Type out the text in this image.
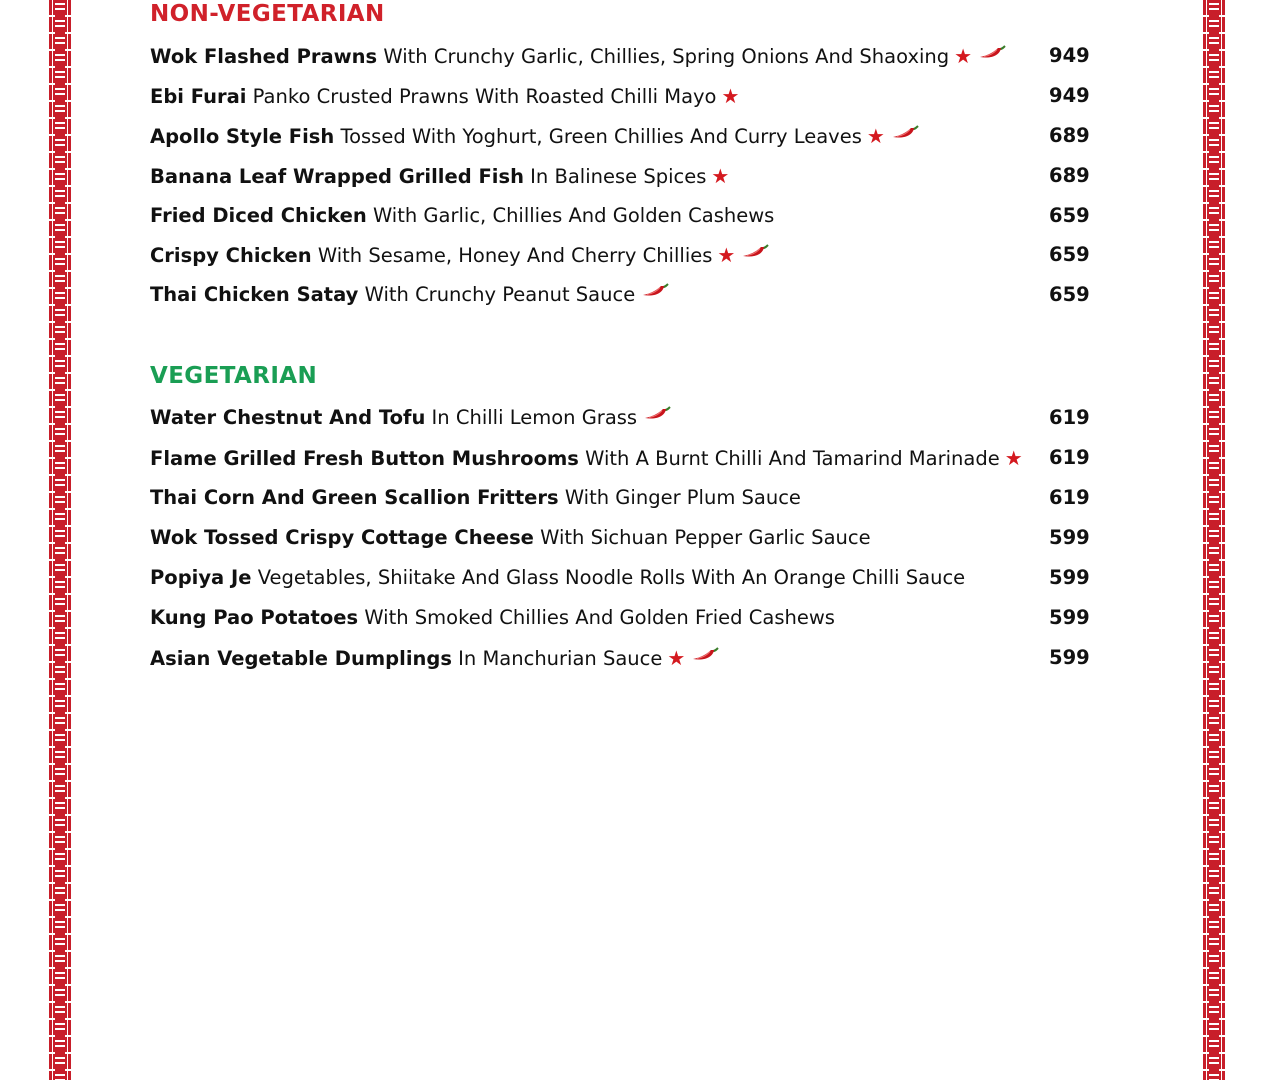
NON-VEGETARIAN
Wok Flashed Prawns With Crunchy Garlic, Chillies, Spring Onions And Shaoxing ★	949
Ebi Furai Panko Crusted Prawns With Roasted Chilli Mayo ★	949
Apollo Style Fish Tossed With Yoghurt, Green Chillies And Curry Leaves ★	689
Banana Leaf Wrapped Grilled Fish In Balinese Spices ★	689
Fried Diced Chicken With Garlic, Chillies And Golden Cashews	659
Crispy Chicken With Sesame, Honey And Cherry Chillies ★	659
Thai Chicken Satay With Crunchy Peanut Sauce	659
VEGETARIAN
Water Chestnut And Tofu In Chilli Lemon Grass	619
Flame Grilled Fresh Button Mushrooms With A Burnt Chilli And Tamarind Marinade ★ 619
Thai Corn And Green Scallion Fritters With Ginger Plum Sauce	619
Wok Tossed Crispy Cottage Cheese With Sichuan Pepper Garlic Sauce	599
Popiya Je Vegetables, Shiitake And Glass Noodle Rolls With An Orange Chilli Sauce	599
Kung Pao Potatoes With Smoked Chillies And Golden Fried Cashews	599
Asian Vegetable Dumplings In Manchurian Sauce ★	599
